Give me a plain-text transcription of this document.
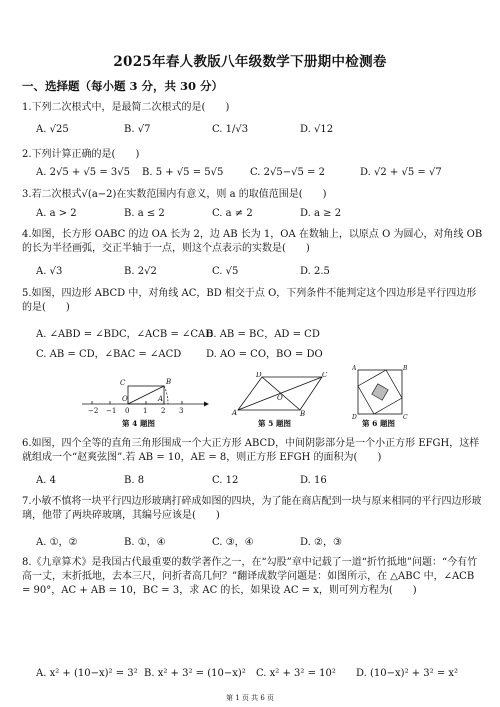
2025年春人教版八年级数学下册期中检测卷
一、选择题（每小题 3 分，共 30 分）
1.下列二次根式中，是最简二次根式的是(　　)
A. √25	B. √7	C. 1/√3	D. √12
2.下列计算正确的是(　　)
A. 2√5 + √5 = 3√5 B. 5 + √5 = 5√5	C. 2√5−√5 = 2	D. √2 + √5 = √7
3.若二次根式√(a−2)在实数范围内有意义，则 a 的取值范围是(　　)
A. a > 2	B. a ≤ 2	C. a ≠ 2	D. a ≥ 2
4.如图，长方形 OABC 的边 OA 长为 2，边 AB 长为 1，OA 在数轴上，以原点 O 为圆心，对角线 OB 的长为半径画弧，交正半轴于一点，则这个点表示的实数是(　　)
A. √3	B. 2√2	C. √5	D. 2.5
5.如图，四边形 ABCD 中，对角线 AC，BD 相交于点 O，下列条件不能判定这个四边形是平行四边形的是(　　)
A. ∠ABD = ∠BDC，∠ACB = ∠CADB. AB = BC，AD = CD
C. AB = CD，∠BAC = ∠ACD D. AO = CO，BO = DO
−2 −1 0 1 2 3
C	B
O	A
第 4 题图
D	C
O
A	B
第 5 题图
A	B
C
D
第 6 题图
6.如图，四个全等的直角三角形围成一个大正方形 ABCD，中间阴影部分是一个小正方形 EFGH，这样就组成一个“赵爽弦图”.若 AB = 10，AE = 8，则正方形 EFGH 的面积为(　　)
A. 4	B. 8	C. 12	D. 16
7.小敏不慎将一块平行四边形玻璃打碎成如图的四块，为了能在商店配到一块与原来相同的平行四边形玻璃，他带了两块碎玻璃，其编号应该是(　　)
A. ①，②	B. ①，④	C. ③，④	D. ②，③
8.《九章算术》是我国古代最重要的数学著作之一，在“勾股”章中记载了一道“折竹抵地”问题：“今有竹高一丈，末折抵地，去本三尺，问折者高几何？”翻译成数学问题是：如图所示，在 △ABC 中，∠ACB = 90°，AC + AB = 10，BC = 3，求 AC 的长，如果设 AC = x，则可列方程为(　　)
A. x² + (10−x)² = 3² B. x² + 3² = (10−x)² C. x² + 3² = 10² D. (10−x)² + 3² = x²
第 1 页 共 6 页
